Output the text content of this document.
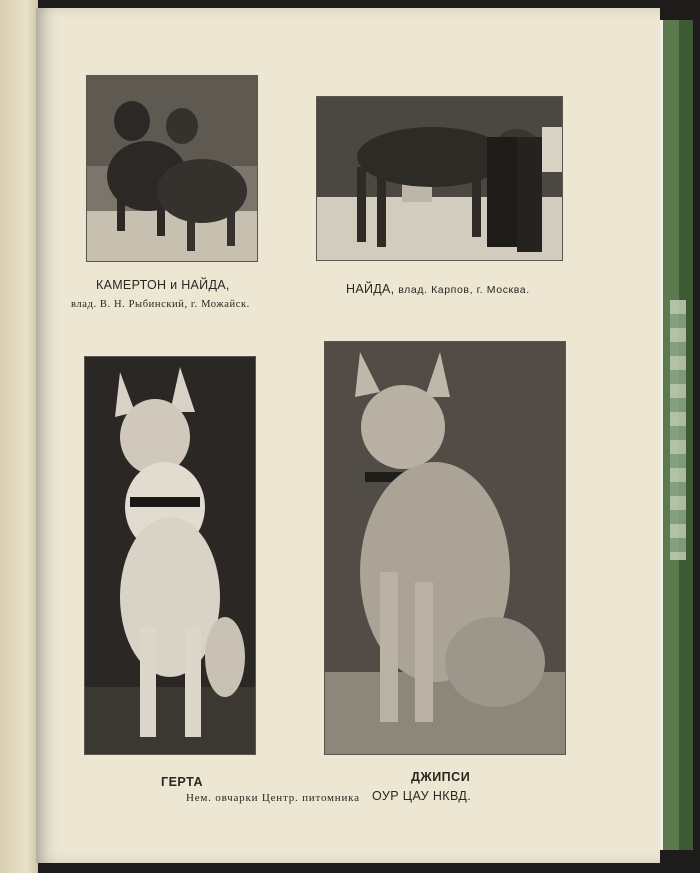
КАМЕРТОН и НАЙДА,

влад. В. Н. Рыбинский, г. Можайск.

НАЙДА, влад. Карпов, г. Москва.

ГЕРТА	ДЖИПСИ

Нем. овчарки Центр. питомника ОУР ЦАУ НКВД.
